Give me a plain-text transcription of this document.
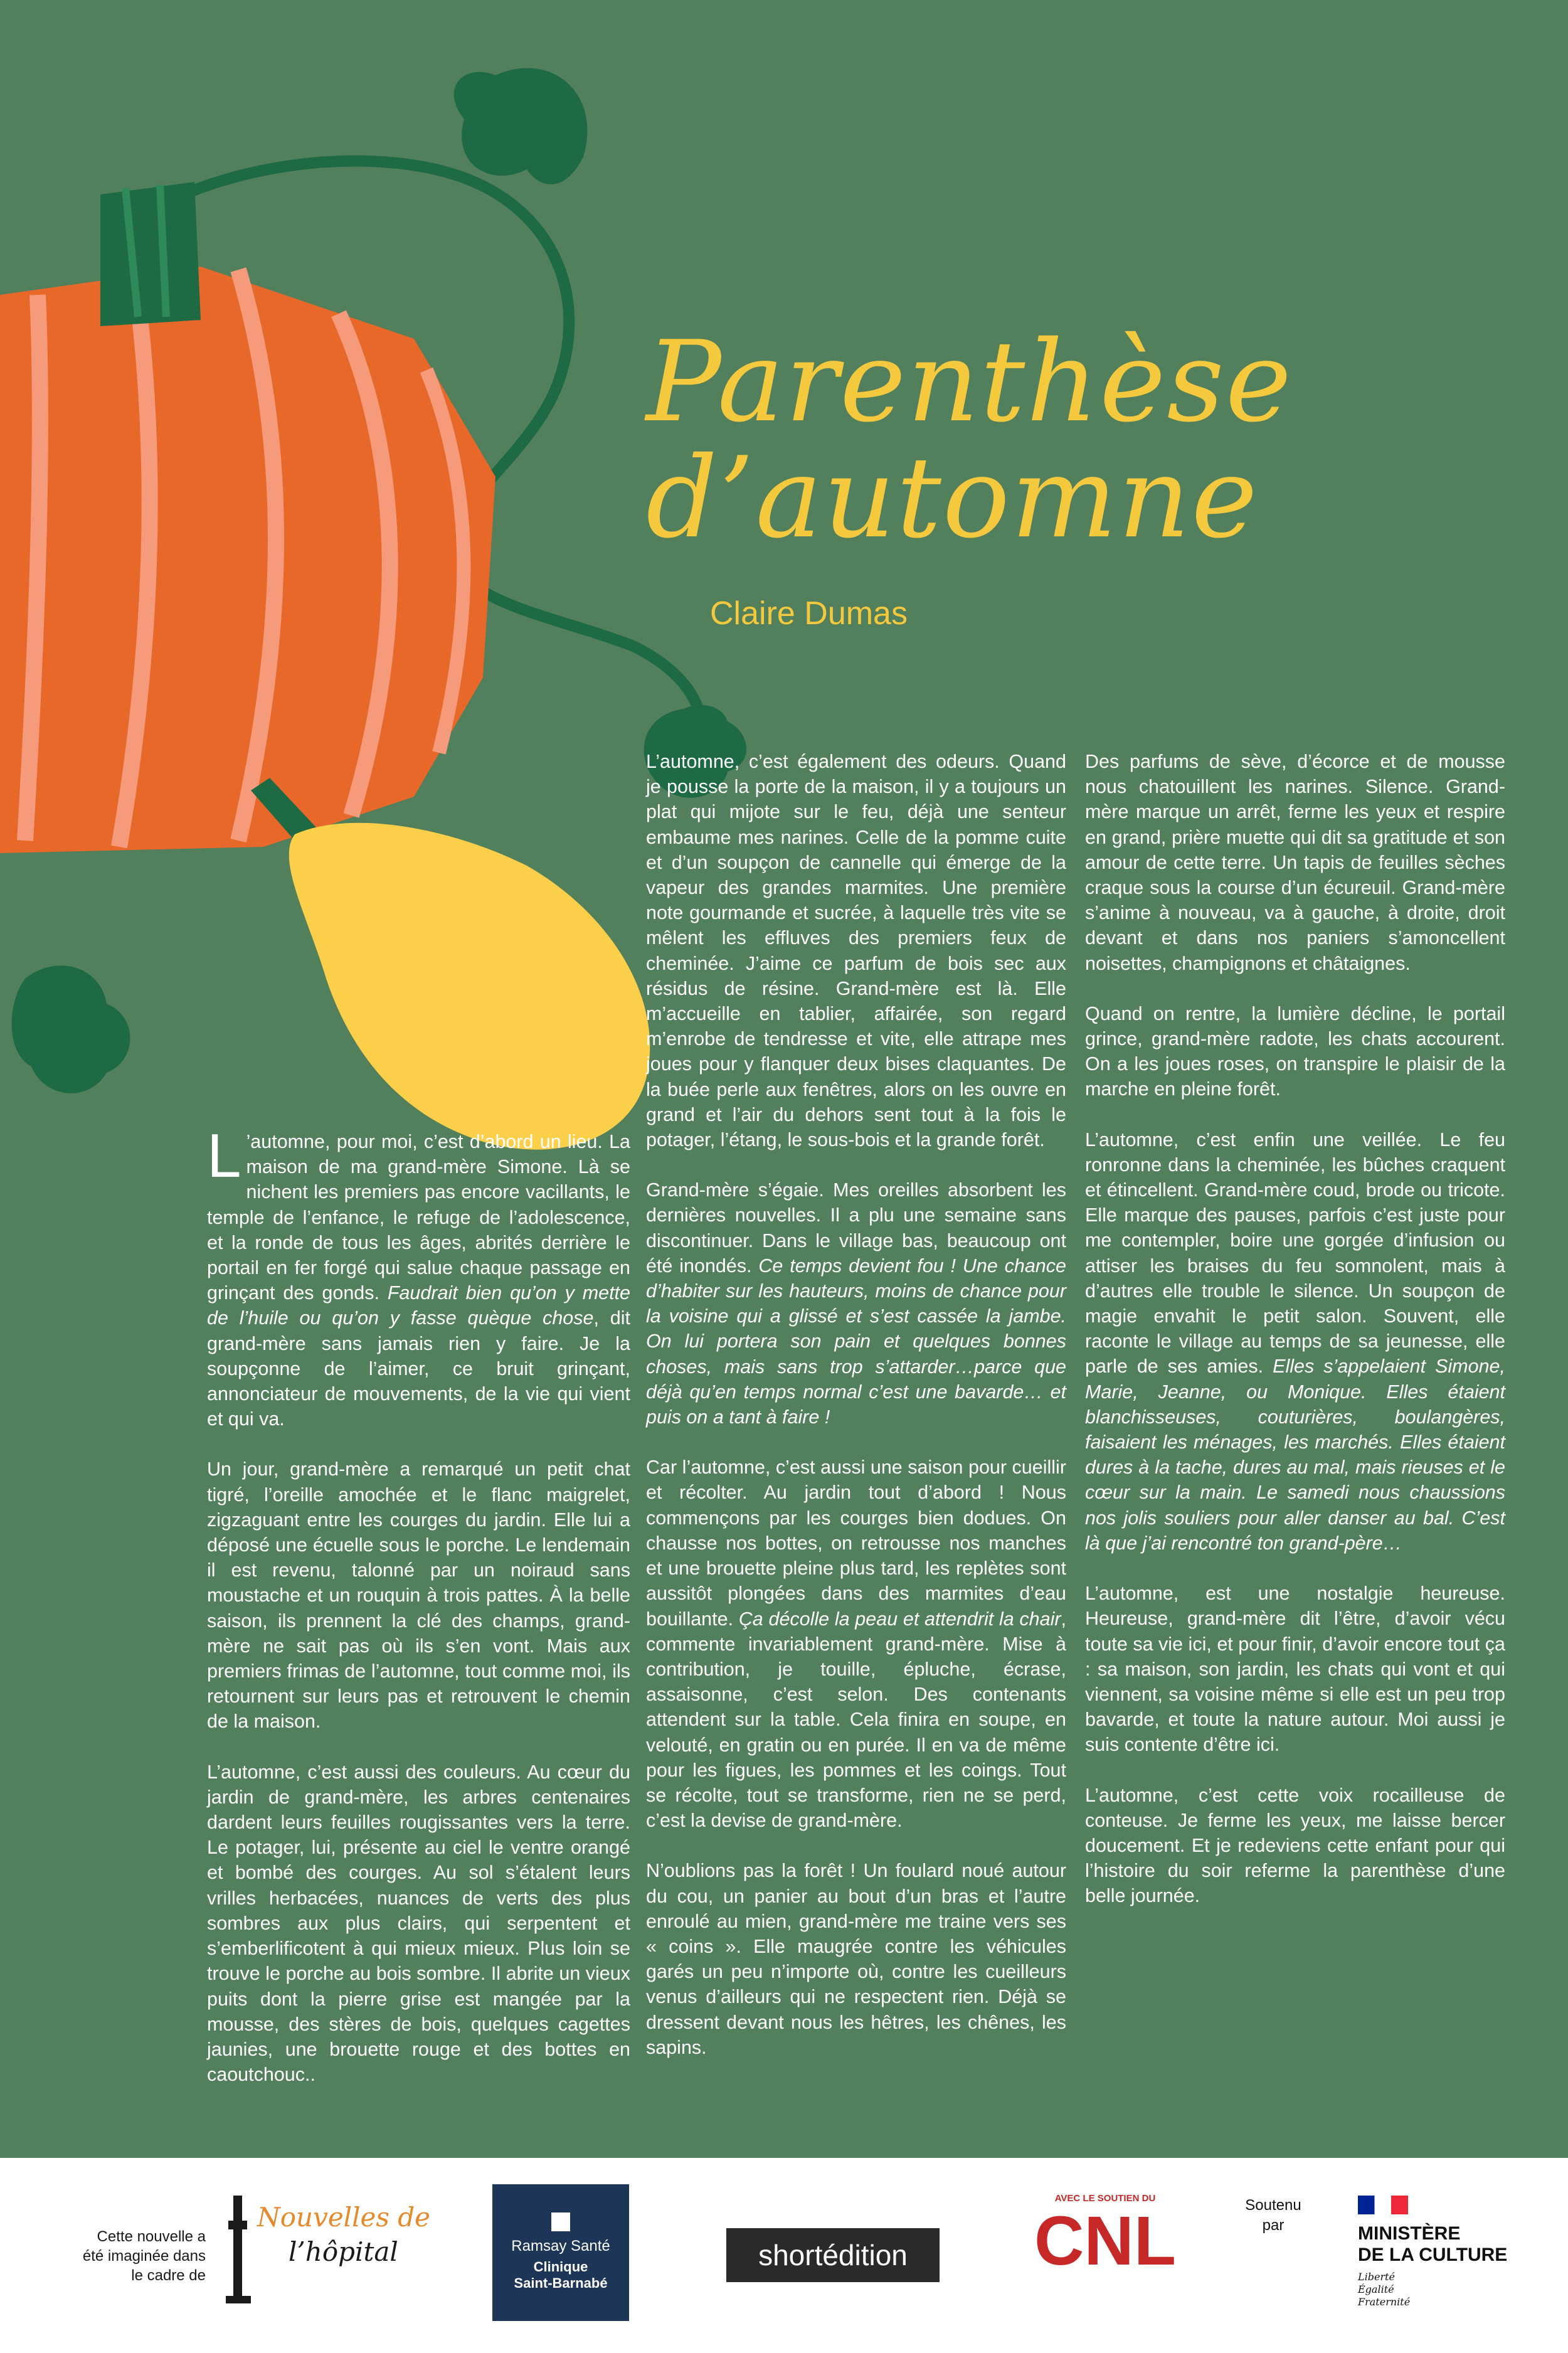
Parenthèse
d’automne
Claire Dumas

L ’automne, pour moi, c’est d’abord un lieu. La maison de ma grand-mère Simone. Là se nichent les premiers pas encore vacillants, le temple de l’enfance, le refuge de l’adolescence, et la ronde de tous les âges, abrités derrière le portail en fer forgé qui salue chaque passage en grinçant des gonds. Faudrait bien qu’on y mette de l’huile ou qu’on y fasse quèque chose, dit grand-mère sans jamais rien y faire. Je la soupçonne de l’aimer, ce bruit grinçant, annonciateur de mouvements, de la vie qui vient et qui va.

Un jour, grand-mère a remarqué un petit chat tigré, l’oreille amochée et le flanc maigrelet, zigzaguant entre les courges du jardin. Elle lui a déposé une écuelle sous le porche. Le lendemain il est revenu, talonné par un noiraud sans moustache et un rouquin à trois pattes. À la belle saison, ils prennent la clé des champs, grand-mère ne sait pas où ils s’en vont. Mais aux premiers frimas de l’automne, tout comme moi, ils retournent sur leurs pas et retrouvent le chemin de la maison.

L’automne, c’est aussi des couleurs. Au cœur du jardin de grand-mère, les arbres centenaires dardent leurs feuilles rougissantes vers la terre. Le potager, lui, présente au ciel le ventre orangé et bombé des courges. Au sol s’étalent leurs vrilles herbacées, nuances de verts des plus sombres aux plus clairs, qui serpentent et s’emberlificotent à qui mieux mieux. Plus loin se trouve le porche au bois sombre. Il abrite un vieux puits dont la pierre grise est mangée par la mousse, des stères de bois, quelques cagettes jaunies, une brouette rouge et des bottes en caoutchouc..

L’automne, c’est également des odeurs. Quand je pousse la porte de la maison, il y a toujours un plat qui mijote sur le feu, déjà une senteur embaume mes narines. Celle de la pomme cuite et d’un soupçon de cannelle qui émerge de la vapeur des grandes marmites. Une première note gourmande et sucrée, à laquelle très vite se mêlent les effluves des premiers feux de cheminée. J’aime ce parfum de bois sec aux résidus de résine. Grand-mère est là. Elle m’accueille en tablier, affairée, son regard m’enrobe de tendresse et vite, elle attrape mes joues pour y flanquer deux bises claquantes. De la buée perle aux fenêtres, alors on les ouvre en grand et l’air du dehors sent tout à la fois le potager, l’étang, le sous-bois et la grande forêt.

Grand-mère s’égaie. Mes oreilles absorbent les dernières nouvelles. Il a plu une semaine sans discontinuer. Dans le village bas, beaucoup ont été inondés. Ce temps devient fou ! Une chance d’habiter sur les hauteurs, moins de chance pour la voisine qui a glissé et s’est cassée la jambe. On lui portera son pain et quelques bonnes choses, mais sans trop s’attarder…parce que déjà qu’en temps normal c’est une bavarde… et puis on a tant à faire !

Car l’automne, c’est aussi une saison pour cueillir et récolter. Au jardin tout d’abord ! Nous commençons par les courges bien dodues. On chausse nos bottes, on retrousse nos manches et une brouette pleine plus tard, les replètes sont aussitôt plongées dans des marmites d’eau bouillante. Ça décolle la peau et attendrit la chair, commente invariablement grand-mère. Mise à contribution, je touille, épluche, écrase, assaisonne, c’est selon. Des contenants attendent sur la table. Cela finira en soupe, en velouté, en gratin ou en purée. Il en va de même pour les figues, les pommes et les coings. Tout se récolte, tout se transforme, rien ne se perd, c’est la devise de grand-mère.

N’oublions pas la forêt ! Un foulard noué autour du cou, un panier au bout d’un bras et l’autre enroulé au mien, grand-mère me traine vers ses « coins ». Elle maugrée contre les véhicules garés un peu n’importe où, contre les cueilleurs venus d’ailleurs qui ne respectent rien. Déjà se dressent devant nous les hêtres, les chênes, les sapins.

Des parfums de sève, d’écorce et de mousse nous chatouillent les narines. Silence. Grand-mère marque un arrêt, ferme les yeux et respire en grand, prière muette qui dit sa gratitude et son amour de cette terre. Un tapis de feuilles sèches craque sous la course d’un écureuil. Grand-mère s’anime à nouveau, va à gauche, à droite, droit devant et dans nos paniers s’amoncellent noisettes, champignons et châtaignes.

Quand on rentre, la lumière décline, le portail grince, grand-mère radote, les chats accourent. On a les joues roses, on transpire le plaisir de la marche en pleine forêt.

L’automne, c’est enfin une veillée. Le feu ronronne dans la cheminée, les bûches craquent et étincellent. Grand-mère coud, brode ou tricote. Elle marque des pauses, parfois c’est juste pour me contempler, boire une gorgée d’infusion ou attiser les braises du feu somnolent, mais à d’autres elle trouble le silence. Un soupçon de magie envahit le petit salon. Souvent, elle raconte le village au temps de sa jeunesse, elle parle de ses amies. Elles s’appelaient Simone, Marie, Jeanne, ou Monique. Elles étaient blanchisseuses, couturières, boulangères, faisaient les ménages, les marchés. Elles étaient dures à la tache, dures au mal, mais rieuses et le cœur sur la main. Le samedi nous chaussions nos jolis souliers pour aller danser au bal. C’est là que j’ai rencontré ton grand-père…

L’automne, est une nostalgie heureuse. Heureuse, grand-mère dit l’être, d’avoir vécu toute sa vie ici, et pour finir, d’avoir encore tout ça : sa maison, son jardin, les chats qui vont et qui viennent, sa voisine même si elle est un peu trop bavarde, et toute la nature autour. Moi aussi je suis contente d’être ici.

L’automne, c’est cette voix rocailleuse de conteuse. Je ferme les yeux, me laisse bercer doucement. Et je redeviens cette enfant pour qui l’histoire du soir referme la parenthèse d’une belle journée.

Cette nouvelle a été imaginée dans le cadre de
Nouvelles de
l’hôpital	Ramsay Santé
Clinique
Saint-Barnabé
shortédition
AVEC LE SOUTIEN DU
CNL	Soutenu par	MINISTÈRE
DE LA CULTURE
Liberté
Égalité
Fraternité
